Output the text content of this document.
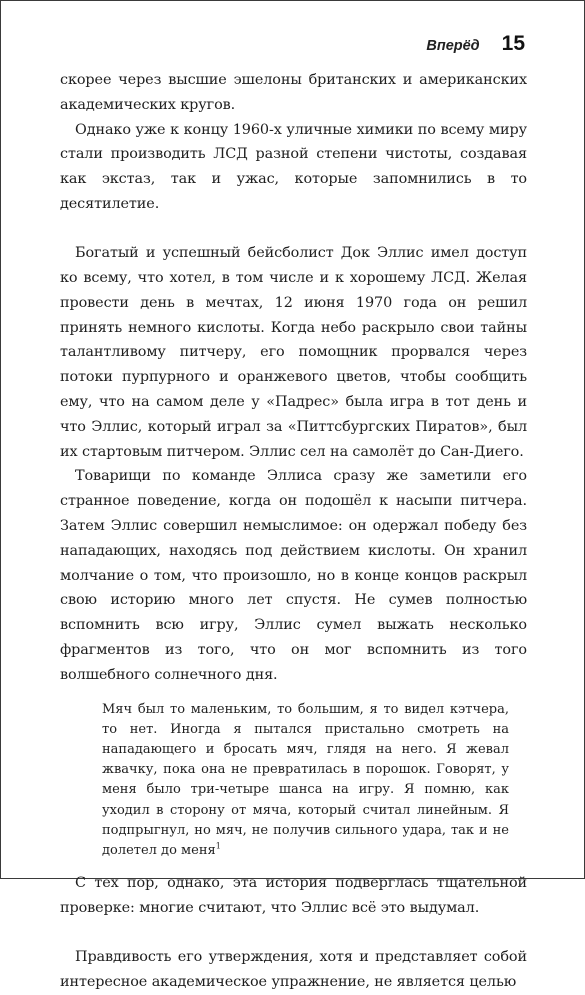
Вперёд 15

скорее через высшие эшелоны британских и американских академических кругов.

Однако уже к концу 1960-х уличные химики по всему миру стали производить ЛСД разной степени чистоты, создавая как экстаз, так и ужас, которые запомнились в то десятилетие.

Богатый и успешный бейсболист Док Эллис имел доступ ко всему, что хотел, в том числе и к хорошему ЛСД. Желая провести день в мечтах, 12 июня 1970 года он решил принять немного кислоты. Когда небо раскрыло свои тайны талантливому питчеру, его помощник прорвался через потоки пурпурного и оранжевого цветов, чтобы сообщить ему, что на самом деле у «Падрес» была игра в тот день и что Эллис, который играл за «Питтсбургских Пиратов», был их стартовым питчером. Эллис сел на самолёт до Сан-Диего.

Товарищи по команде Эллиса сразу же заметили его странное поведение, когда он подошёл к насыпи питчера. Затем Эллис совершил немыслимое: он одержал победу без нападающих, находясь под действием кислоты. Он хранил молчание о том, что произошло, но в конце концов раскрыл свою историю много лет спустя. Не сумев полностью вспомнить всю игру, Эллис сумел выжать несколько фрагментов из того, что он мог вспомнить из того волшебного солнечного дня.

Мяч был то маленьким, то большим, я то видел кэтчера, то нет. Иногда я пытался пристально смотреть на нападающего и бросать мяч, глядя на него. Я жевал жвачку, пока она не превратилась в порошок. Говорят, у меня было три-четыре шанса на игру. Я помню, как уходил в сторону от мяча, который считал линейным. Я подпрыгнул, но мяч, не получив сильного удара, так и не долетел до меня$^1$

С тех пор, однако, эта история подверглась тщательной проверке: многие считают, что Эллис всё это выдумал.

Правдивость его утверждения, хотя и представляет собой интересное академическое упражнение, не является целью
